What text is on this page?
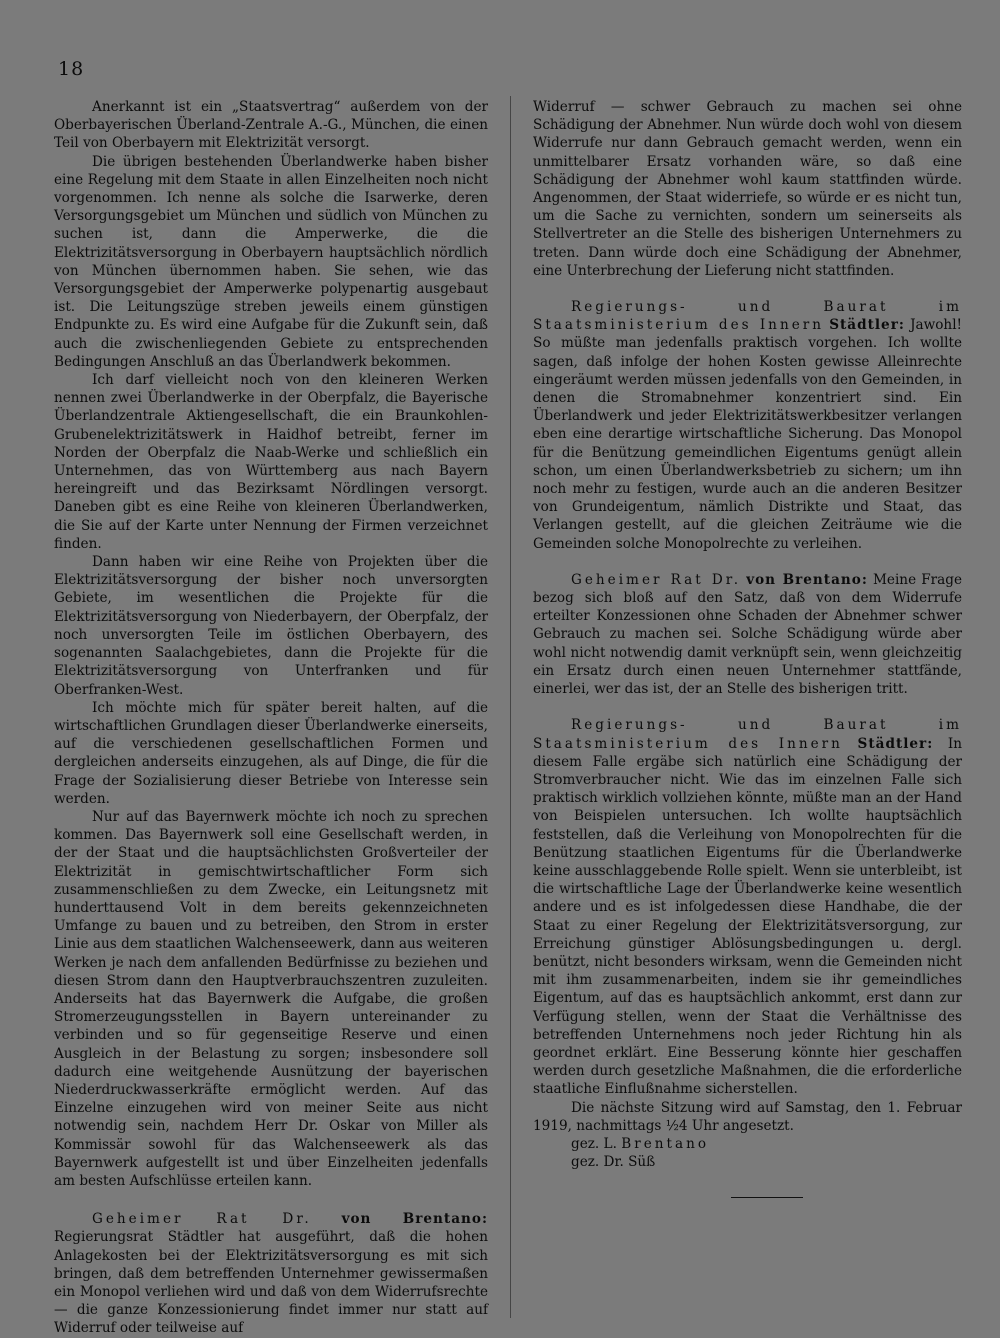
18

Anerkannt ist ein „Staatsvertrag“ außerdem von der Oberbayerischen Überland-Zentrale A.-G., München, die einen Teil von Oberbayern mit Elektrizität versorgt.

Die übrigen bestehenden Überlandwerke haben bisher eine Regelung mit dem Staate in allen Einzelheiten noch nicht vorgenommen. Ich nenne als solche die Isarwerke, deren Versorgungsgebiet um München und südlich von München zu suchen ist, dann die Amperwerke, die die Elektrizitätsversorgung in Oberbayern hauptsächlich nördlich von München übernommen haben. Sie sehen, wie das Versorgungsgebiet der Amperwerke polypenartig ausgebaut ist. Die Leitungszüge streben jeweils einem günstigen Endpunkte zu. Es wird eine Aufgabe für die Zukunft sein, daß auch die zwischenliegenden Gebiete zu entsprechenden Bedingungen Anschluß an das Überlandwerk bekommen.

Ich darf vielleicht noch von den kleineren Werken nennen zwei Überlandwerke in der Oberpfalz, die Bayerische Überlandzentrale Aktiengesellschaft, die ein Braunkohlen-Grubenelektrizitätswerk in Haidhof betreibt, ferner im Norden der Oberpfalz die Naab-Werke und schließlich ein Unternehmen, das von Württemberg aus nach Bayern hereingreift und das Bezirksamt Nördlingen versorgt. Daneben gibt es eine Reihe von kleineren Überlandwerken, die Sie auf der Karte unter Nennung der Firmen verzeichnet finden.

Dann haben wir eine Reihe von Projekten über die Elektrizitätsversorgung der bisher noch unversorgten Gebiete, im wesentlichen die Projekte für die Elektrizitätsversorgung von Niederbayern, der Oberpfalz, der noch unversorgten Teile im östlichen Oberbayern, des sogenannten Saalachgebietes, dann die Projekte für die Elektrizitätsversorgung von Unterfranken und für Oberfranken-West.

Ich möchte mich für später bereit halten, auf die wirtschaftlichen Grundlagen dieser Überlandwerke einerseits, auf die verschiedenen gesellschaftlichen Formen und dergleichen anderseits einzugehen, als auf Dinge, die für die Frage der Sozialisierung dieser Betriebe von Interesse sein werden.

Nur auf das Bayernwerk möchte ich noch zu sprechen kommen. Das Bayernwerk soll eine Gesellschaft werden, in der der Staat und die hauptsächlichsten Großverteiler der Elektrizität in gemischtwirtschaftlicher Form sich zusammenschließen zu dem Zwecke, ein Leitungsnetz mit hunderttausend Volt in dem bereits gekennzeichneten Umfange zu bauen und zu betreiben, den Strom in erster Linie aus dem staatlichen Walchenseewerk, dann aus weiteren Werken je nach dem anfallenden Bedürfnisse zu beziehen und diesen Strom dann den Hauptverbrauchszentren zuzuleiten. Anderseits hat das Bayernwerk die Aufgabe, die großen Stromerzeugungsstellen in Bayern untereinander zu verbinden und so für gegenseitige Reserve und einen Ausgleich in der Belastung zu sorgen; insbesondere soll dadurch eine weitgehende Ausnützung der bayerischen Niederdruckwasserkräfte ermöglicht werden. Auf das Einzelne einzugehen wird von meiner Seite aus nicht notwendig sein, nachdem Herr Dr. Oskar von Miller als Kommissär sowohl für das Walchenseewerk als das Bayernwerk aufgestellt ist und über Einzelheiten jedenfalls am besten Aufschlüsse erteilen kann.

Geheimer Rat Dr. von Brentano: Regierungsrat Städtler hat ausgeführt, daß die hohen Anlagekosten bei der Elektrizitätsversorgung es mit sich bringen, daß dem betreffenden Unternehmer gewissermaßen ein Monopol verliehen wird und daß von dem Widerrufsrechte — die ganze Konzessionierung findet immer nur statt auf Widerruf oder teilweise auf

Widerruf — schwer Gebrauch zu machen sei ohne Schädigung der Abnehmer. Nun würde doch wohl von diesem Widerrufe nur dann Gebrauch gemacht werden, wenn ein unmittelbarer Ersatz vorhanden wäre, so daß eine Schädigung der Abnehmer wohl kaum stattfinden würde. Angenommen, der Staat widerriefe, so würde er es nicht tun, um die Sache zu vernichten, sondern um seinerseits als Stellvertreter an die Stelle des bisherigen Unternehmers zu treten. Dann würde doch eine Schädigung der Abnehmer, eine Unterbrechung der Lieferung nicht stattfinden.

Regierungs- und Baurat im Staatsministerium des Innern Städtler: Jawohl! So müßte man jedenfalls praktisch vorgehen. Ich wollte sagen, daß infolge der hohen Kosten gewisse Alleinrechte eingeräumt werden müssen jedenfalls von den Gemeinden, in denen die Stromabnehmer konzentriert sind. Ein Überlandwerk und jeder Elektrizitätswerkbesitzer verlangen eben eine derartige wirtschaftliche Sicherung. Das Monopol für die Benützung gemeindlichen Eigentums genügt allein schon, um einen Überlandwerksbetrieb zu sichern; um ihn noch mehr zu festigen, wurde auch an die anderen Besitzer von Grundeigentum, nämlich Distrikte und Staat, das Verlangen gestellt, auf die gleichen Zeiträume wie die Gemeinden solche Monopolrechte zu verleihen.

Geheimer Rat Dr. von Brentano: Meine Frage bezog sich bloß auf den Satz, daß von dem Widerrufe erteilter Konzessionen ohne Schaden der Abnehmer schwer Gebrauch zu machen sei. Solche Schädigung würde aber wohl nicht notwendig damit verknüpft sein, wenn gleichzeitig ein Ersatz durch einen neuen Unternehmer stattfände, einerlei, wer das ist, der an Stelle des bisherigen tritt.

Regierungs- und Baurat im Staatsministerium des Innern Städtler: In diesem Falle ergäbe sich natürlich eine Schädigung der Stromverbraucher nicht. Wie das im einzelnen Falle sich praktisch wirklich vollziehen könnte, müßte man an der Hand von Beispielen untersuchen. Ich wollte hauptsächlich feststellen, daß die Verleihung von Monopolrechten für die Benützung staatlichen Eigentums für die Überlandwerke keine ausschlaggebende Rolle spielt. Wenn sie unterbleibt, ist die wirtschaftliche Lage der Überlandwerke keine wesentlich andere und es ist infolgedessen diese Handhabe, die der Staat zu einer Regelung der Elektrizitätsversorgung, zur Erreichung günstiger Ablösungsbedingungen u. dergl. benützt, nicht besonders wirksam, wenn die Gemeinden nicht mit ihm zusammenarbeiten, indem sie ihr gemeindliches Eigentum, auf das es hauptsächlich ankommt, erst dann zur Verfügung stellen, wenn der Staat die Verhältnisse des betreffenden Unternehmens noch jeder Richtung hin als geordnet erklärt. Eine Besserung könnte hier geschaffen werden durch gesetzliche Maßnahmen, die die erforderliche staatliche Einflußnahme sicherstellen.

Die nächste Sitzung wird auf Samstag, den 1. Februar 1919, nachmittags ½4 Uhr angesetzt.

gez. L. Brentano

gez. Dr. Süß
